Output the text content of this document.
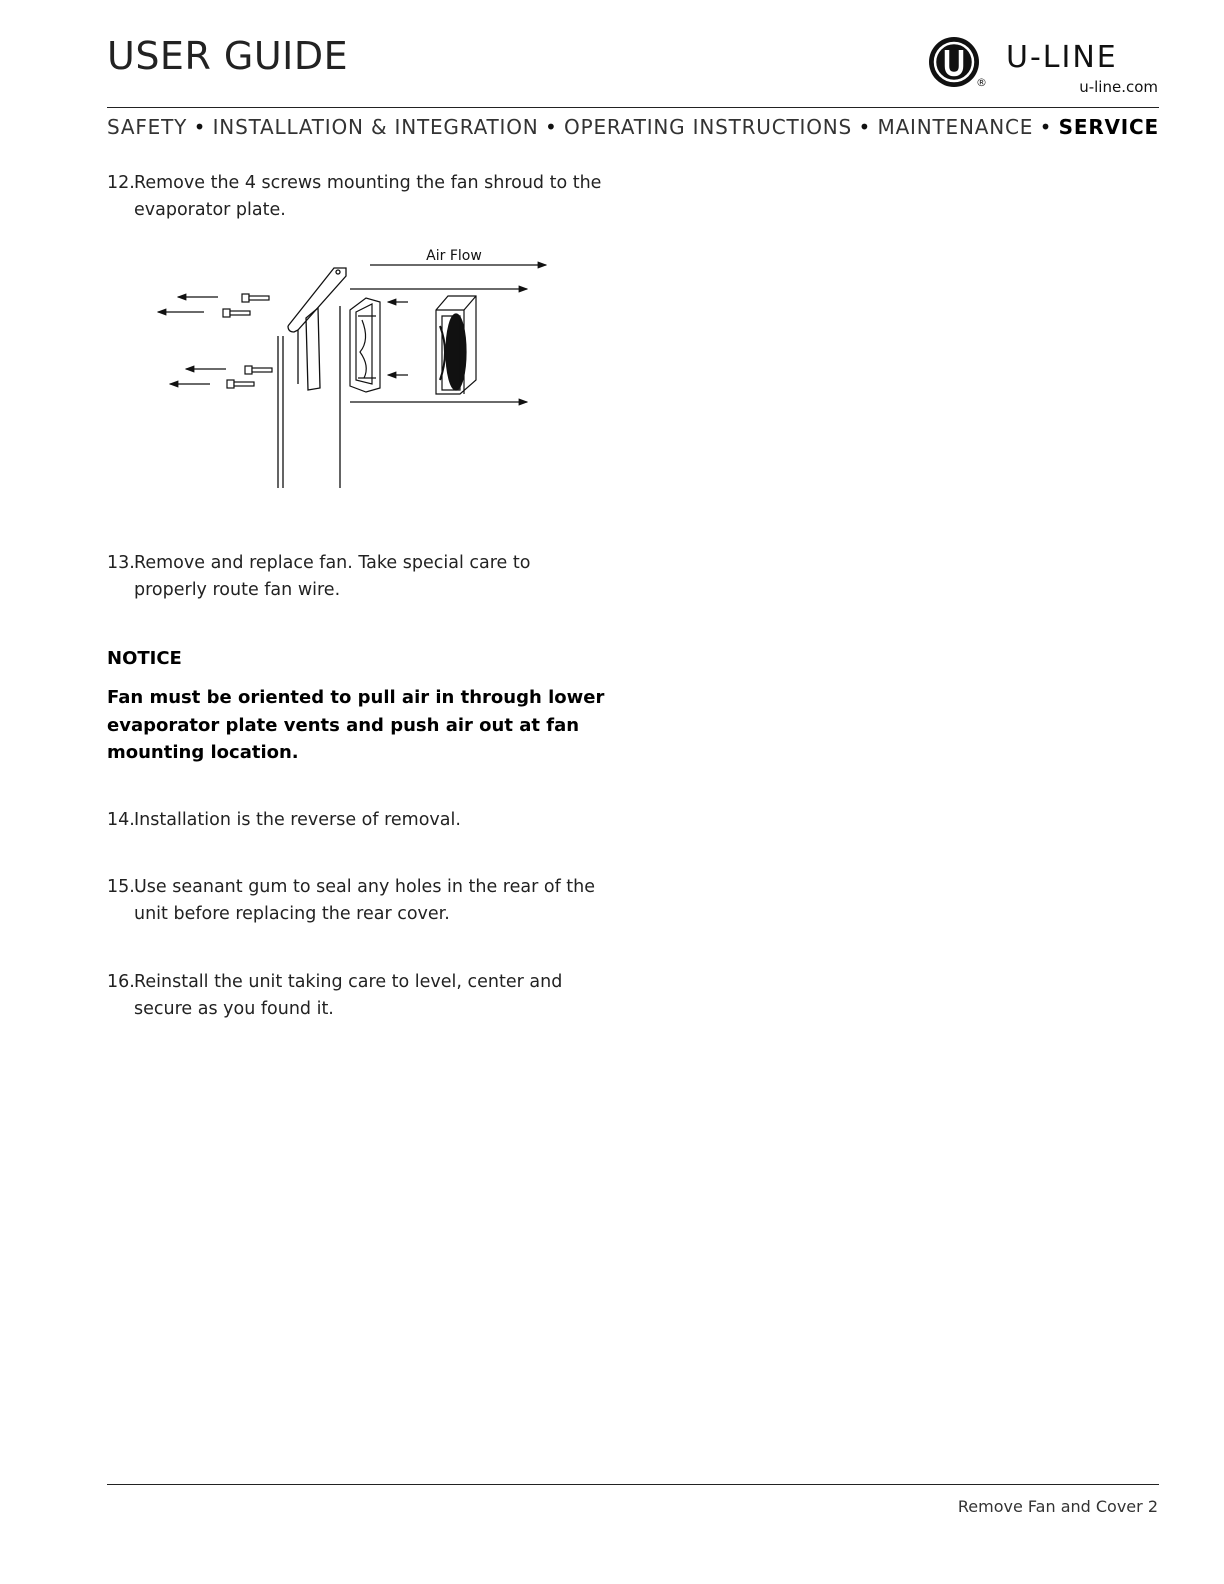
USER GUIDE
®
U-LINE
u-line.com
SAFETY • INSTALLATION & INTEGRATION • OPERATING INSTRUCTIONS • MAINTENANCE • SERVICE
12. Remove the 4 screws mounting the fan shroud to the evaporator plate.
Air Flow
13. Remove and replace fan. Take special care to properly route fan wire.
NOTICE
Fan must be oriented to pull air in through lower evaporator plate vents and push air out at fan mounting location.
14. Installation is the reverse of removal.
15. Use seanant gum to seal any holes in the rear of the unit before replacing the rear cover.
16. Reinstall the unit taking care to level, center and secure as you found it.
Remove Fan and Cover 2
